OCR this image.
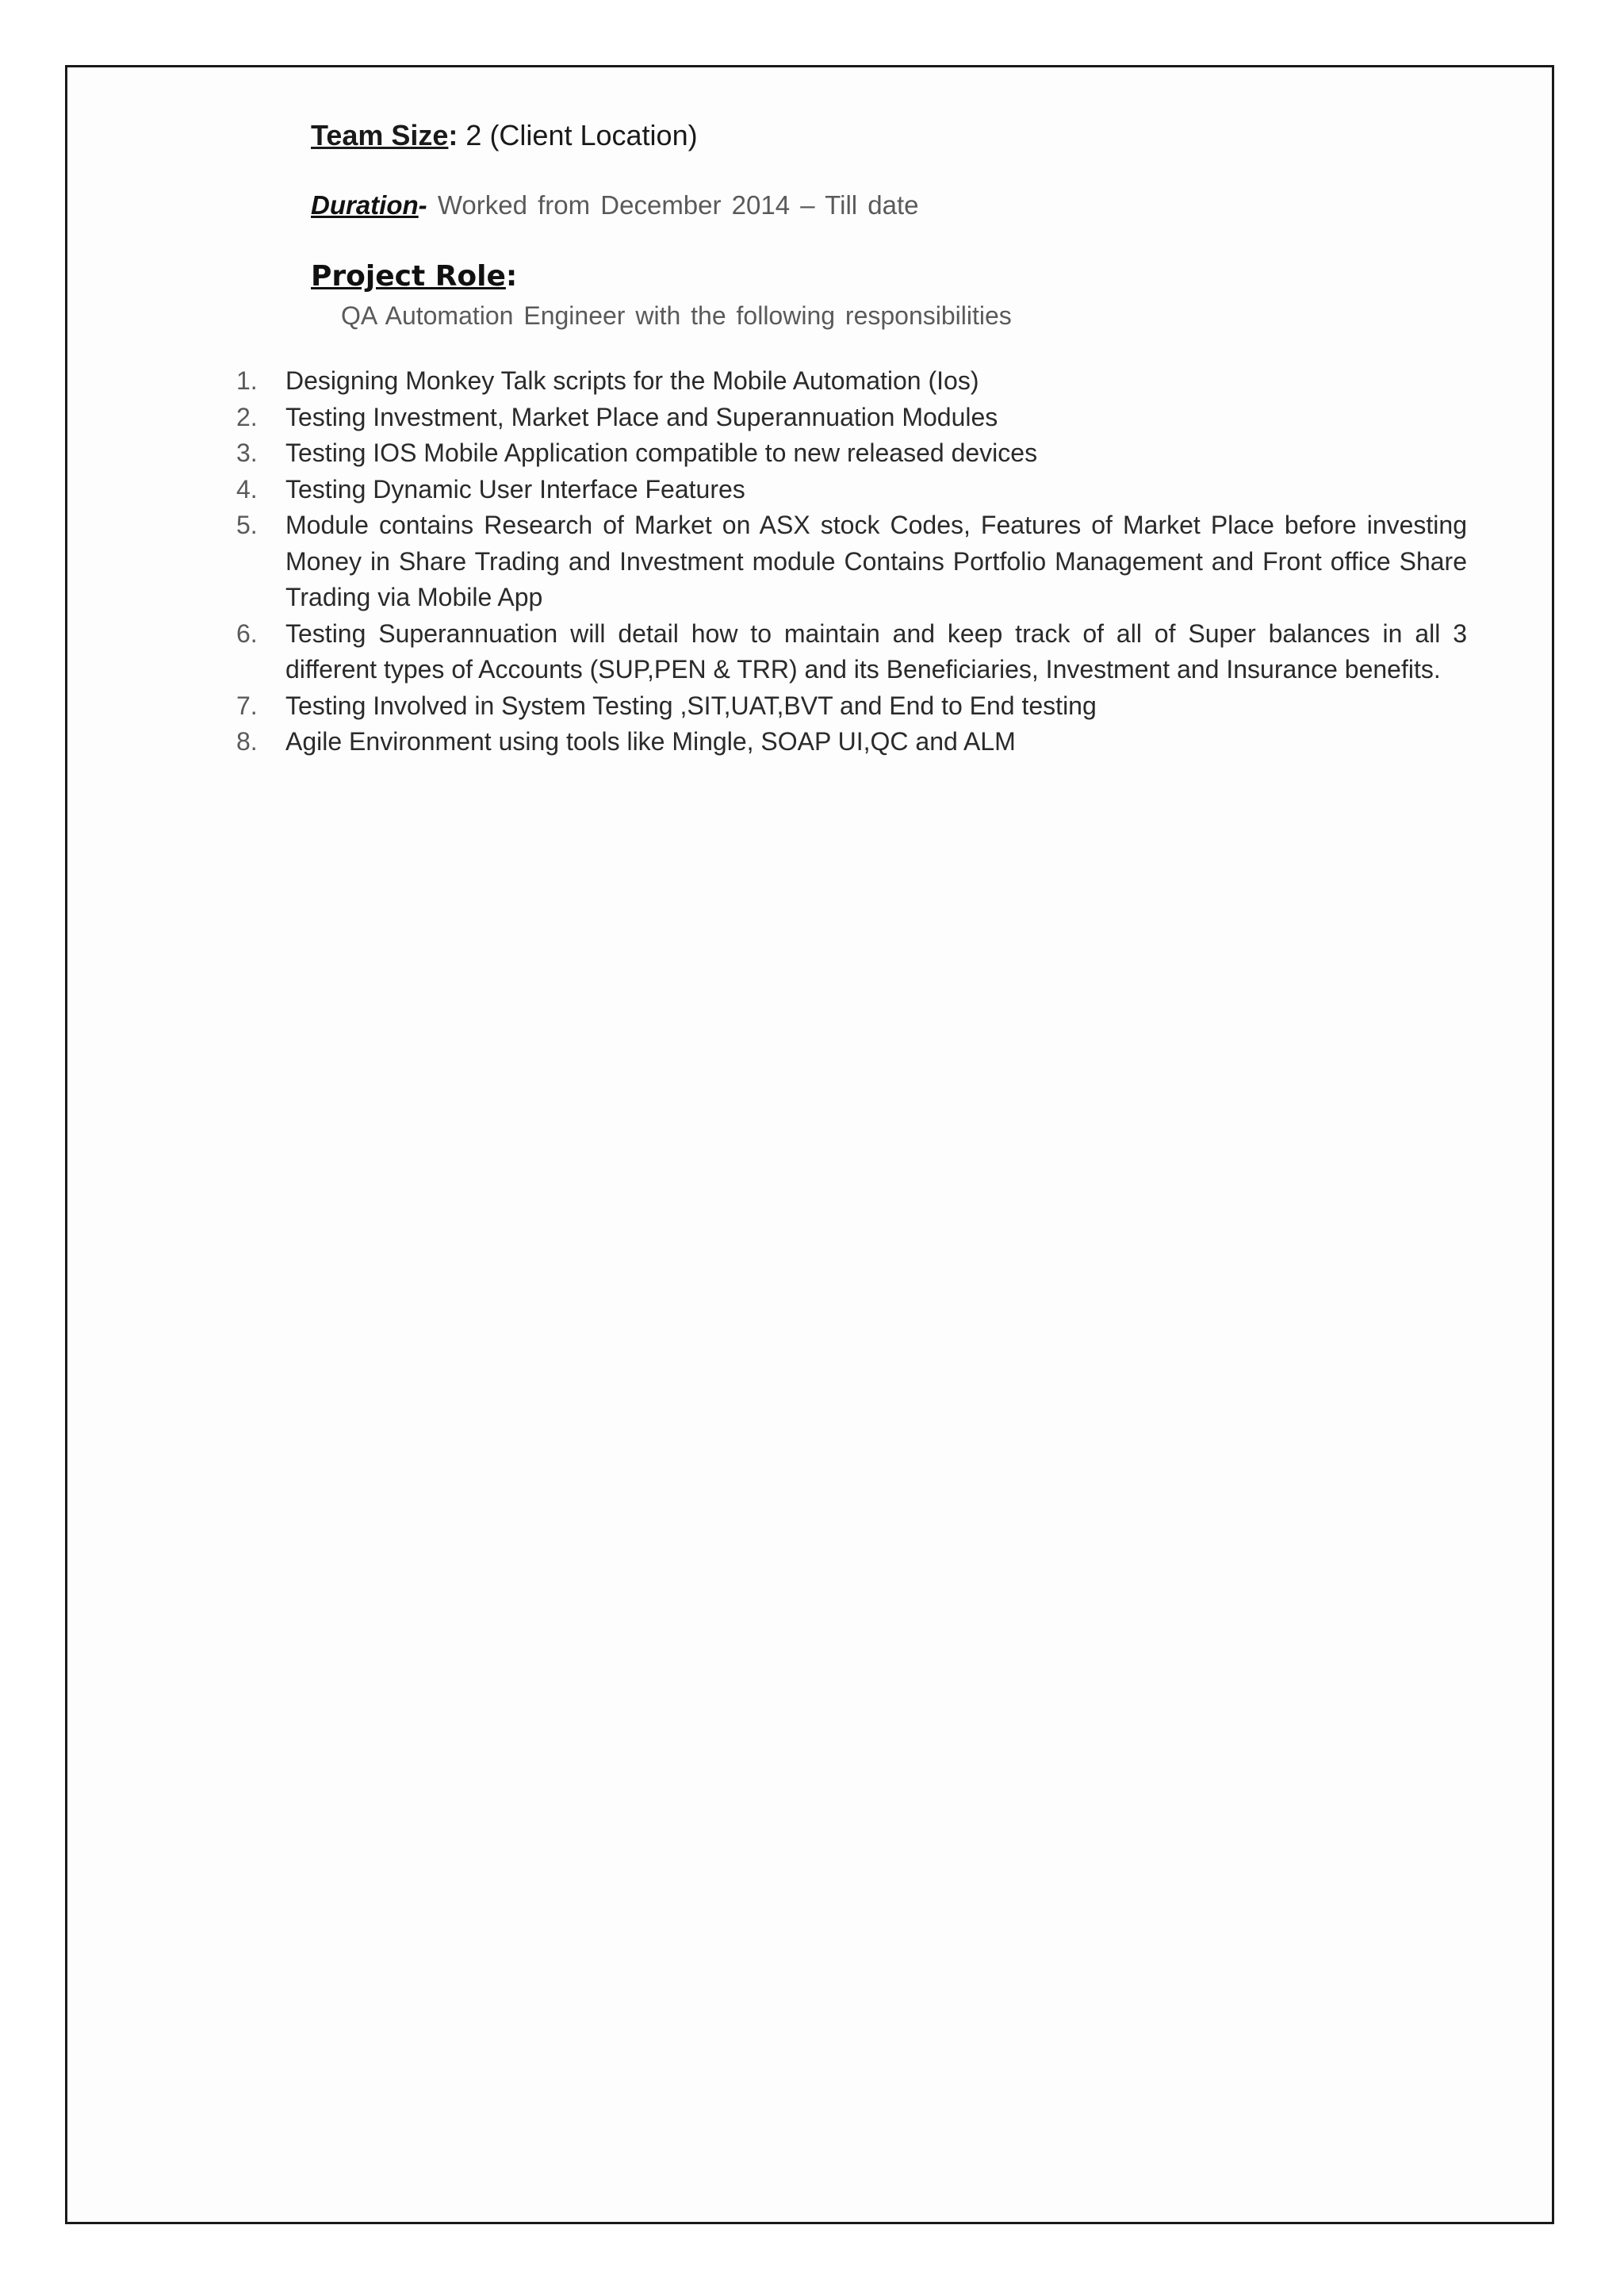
Team Size: 2 (Client Location)
Duration- Worked from December 2014 – Till date
Project Role:
QA Automation Engineer with the following responsibilities
1.	Designing Monkey Talk scripts for the Mobile Automation (Ios)
2.	Testing Investment, Market Place and Superannuation Modules
3.	Testing IOS Mobile Application compatible to new released devices
4.	Testing Dynamic User Interface Features
5.	Module contains Research of Market on ASX stock Codes, Features of Market Place before investing Money in Share Trading and Investment module Contains Portfolio Management and Front office Share Trading via Mobile App
6.	Testing Superannuation will detail how to maintain and keep track of all of Super balances in all 3 different types of Accounts (SUP,PEN & TRR) and its Beneficiaries, Investment and Insurance benefits.
7.	Testing Involved in System Testing ,SIT,UAT,BVT and End to End testing
8.	Agile Environment using tools like Mingle, SOAP UI,QC and ALM
